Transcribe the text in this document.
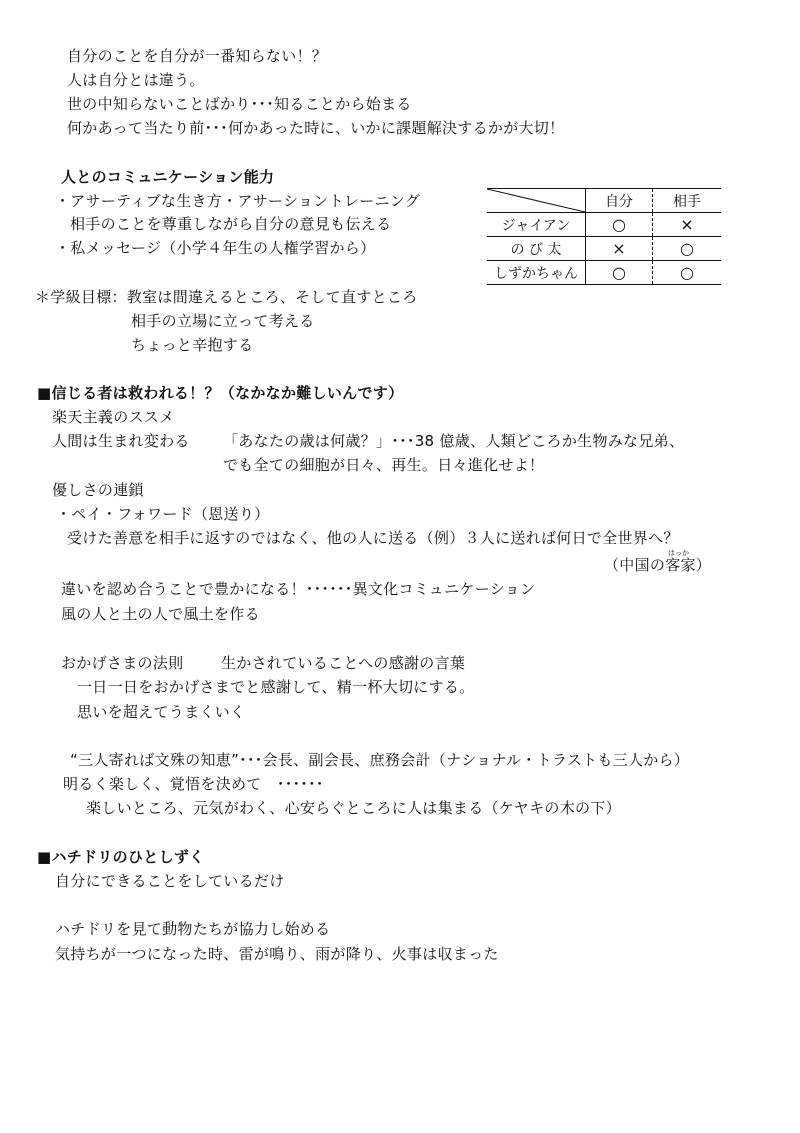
自分のことを自分が一番知らない！？
人は自分とは違う。
世の中知らないことばかり･･･知ることから始まる
何かあって当たり前･･･何かあった時に、いかに課題解決するかが大切！
人とのコミュニケーション能力
・アサーティブな生き方・アサーショントレーニング
相手のことを尊重しながら自分の意見も伝える
・私メッセージ（小学４年生の人権学習から）
	自分	相手
ジャイアン	○	×
の び 太	×	○
しずかちゃん	○	○
＊学級目標：教室は間違えるところ、そして直すところ
相手の立場に立って考える
ちょっと辛抱する
■信じる者は救われる！？（なかなか難しいんです）
楽天主義のススメ
人間は生まれ変わる 「あなたの歳は何歳？」･･･38 億歳、人類どころか生物みな兄弟、
でも全ての細胞が日々、再生。日々進化せよ！
優しさの連鎖
・ペイ・フォワード（恩送り）
受けた善意を相手に返すのではなく、他の人に送る（例）３人に送れば何日で全世界へ？
はっか
（中国の客家）
違いを認め合うことで豊かになる！･･････異文化コミュニケーション
風の人と土の人で風土を作る
おかげさまの法則	生かされていることへの感謝の言葉
一日一日をおかげさまでと感謝して、精一杯大切にする。
思いを超えてうまくいく
“三人寄れば文殊の知恵”･･･会長、副会長、庶務会計（ナショナル・トラストも三人から）
明るく楽しく、覚悟を決めて　･･････
楽しいところ、元気がわく、心安らぐところに人は集まる（ケヤキの木の下）
■ハチドリのひとしずく
自分にできることをしているだけ
ハチドリを見て動物たちが協力し始める
気持ちが一つになった時、雷が鳴り、雨が降り、火事は収まった
